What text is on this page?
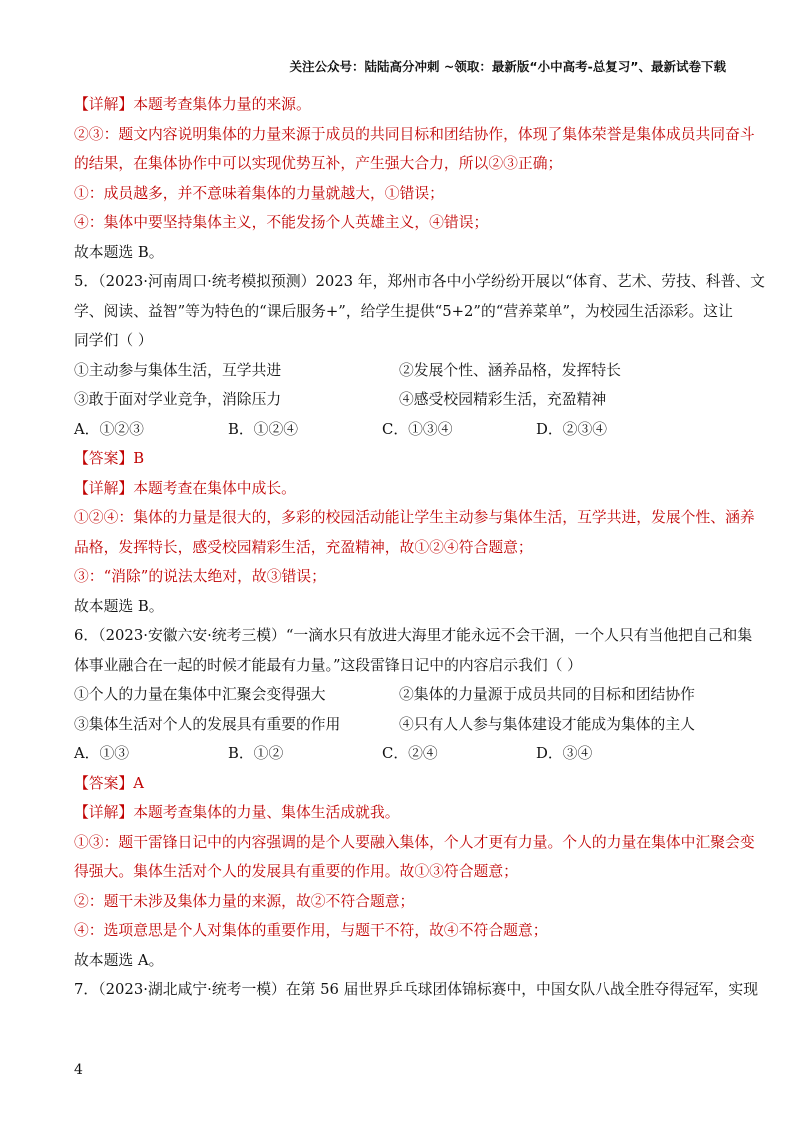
关注公众号：陆陆高分冲刺 ~领取：最新版“小中高考-总复习”、最新试卷下载
【详解】本题考查集体力量的来源。
②③：题文内容说明集体的力量来源于成员的共同目标和团结协作，体现了集体荣誉是集体成员共同奋斗
的结果，在集体协作中可以实现优势互补，产生强大合力，所以②③正确；
①：成员越多，并不意味着集体的力量就越大，①错误；
④：集体中要坚持集体主义，不能发扬个人英雄主义，④错误；
故本题选 B。
5．（2023·河南周口·统考模拟预测）2023 年，郑州市各中小学纷纷开展以“体育、艺术、劳技、科普、文
学、阅读、益智”等为特色的“课后服务+”，给学生提供“5+2”的“营养菜单”，为校园生活添彩。这让
同学们（ ）
①主动参与集体生活，互学共进	②发展个性、涵养品格，发挥特长
③敢于面对学业竞争，消除压力	④感受校园精彩生活，充盈精神
A．①②③	B．①②④	C．①③④	D．②③④
【答案】B
【详解】本题考查在集体中成长。
①②④：集体的力量是很大的，多彩的校园活动能让学生主动参与集体生活，互学共进，发展个性、涵养
品格，发挥特长，感受校园精彩生活，充盈精神，故①②④符合题意；
③：“消除”的说法太绝对，故③错误；
故本题选 B。
6．（2023·安徽六安·统考三模）“一滴水只有放进大海里才能永远不会干涸，一个人只有当他把自己和集
体事业融合在一起的时候才能最有力量。”这段雷锋日记中的内容启示我们（ ）
①个人的力量在集体中汇聚会变得强大	②集体的力量源于成员共同的目标和团结协作
③集体生活对个人的发展具有重要的作用	④只有人人参与集体建设才能成为集体的主人
A．①③	B．①②	C．②④	D．③④
【答案】A
【详解】本题考查集体的力量、集体生活成就我。
①③：题干雷锋日记中的内容强调的是个人要融入集体，个人才更有力量。个人的力量在集体中汇聚会变
得强大。集体生活对个人的发展具有重要的作用。故①③符合题意；
②：题干未涉及集体力量的来源，故②不符合题意；
④：选项意思是个人对集体的重要作用，与题干不符，故④不符合题意；
故本题选 A。
7．（2023·湖北咸宁·统考一模）在第 56 届世界乒乓球团体锦标赛中，中国女队八战全胜夺得冠军，实现
4
